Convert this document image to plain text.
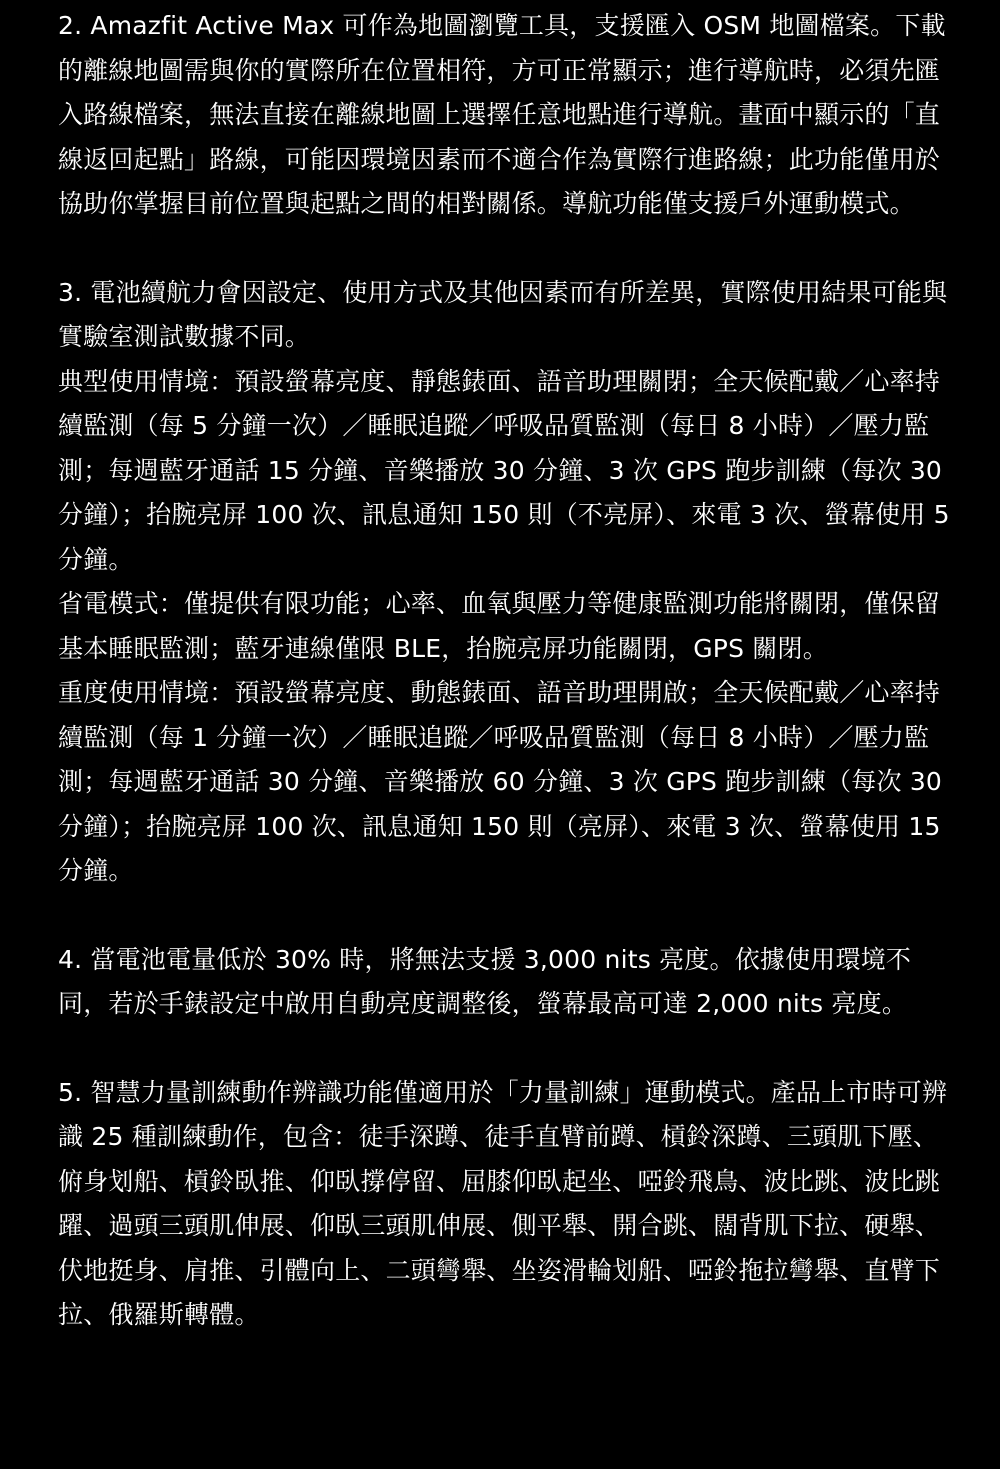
2. Amazfit Active Max 可作為地圖瀏覽工具，支援匯入 OSM 地圖檔案。下載的離線地圖需與你的實際所在位置相符，方可正常顯示；進行導航時，必須先匯入路線檔案，無法直接在離線地圖上選擇任意地點進行導航。畫面中顯示的「直線返回起點」路線，可能因環境因素而不適合作為實際行進路線；此功能僅用於協助你掌握目前位置與起點之間的相對關係。導航功能僅支援戶外運動模式。

3. 電池續航力會因設定、使用方式及其他因素而有所差異，實際使用結果可能與實驗室測試數據不同。

典型使用情境：預設螢幕亮度、靜態錶面、語音助理關閉；全天候配戴／心率持續監測（每 5 分鐘一次）／睡眠追蹤／呼吸品質監測（每日 8 小時）／壓力監測；每週藍牙通話 15 分鐘、音樂播放 30 分鐘、3 次 GPS 跑步訓練（每次 30 分鐘）；抬腕亮屏 100 次、訊息通知 150 則（不亮屏）、來電 3 次、螢幕使用 5 分鐘。

省電模式：僅提供有限功能；心率、血氧與壓力等健康監測功能將關閉，僅保留基本睡眠監測；藍牙連線僅限 BLE，抬腕亮屏功能關閉，GPS 關閉。

重度使用情境：預設螢幕亮度、動態錶面、語音助理開啟；全天候配戴／心率持續監測（每 1 分鐘一次）／睡眠追蹤／呼吸品質監測（每日 8 小時）／壓力監測；每週藍牙通話 30 分鐘、音樂播放 60 分鐘、3 次 GPS 跑步訓練（每次 30 分鐘）；抬腕亮屏 100 次、訊息通知 150 則（亮屏）、來電 3 次、螢幕使用 15 分鐘。

4. 當電池電量低於 30% 時，將無法支援 3,000 nits 亮度。依據使用環境不同，若於手錶設定中啟用自動亮度調整後，螢幕最高可達 2,000 nits 亮度。

5. 智慧力量訓練動作辨識功能僅適用於「力量訓練」運動模式。產品上市時可辨識 25 種訓練動作，包含：徒手深蹲、徒手直臂前蹲、槓鈴深蹲、三頭肌下壓、俯身划船、槓鈴臥推、仰臥撐停留、屈膝仰臥起坐、啞鈴飛鳥、波比跳、波比跳躍、過頭三頭肌伸展、仰臥三頭肌伸展、側平舉、開合跳、闊背肌下拉、硬舉、伏地挺身、肩推、引體向上、二頭彎舉、坐姿滑輪划船、啞鈴拖拉彎舉、直臂下拉、俄羅斯轉體。
